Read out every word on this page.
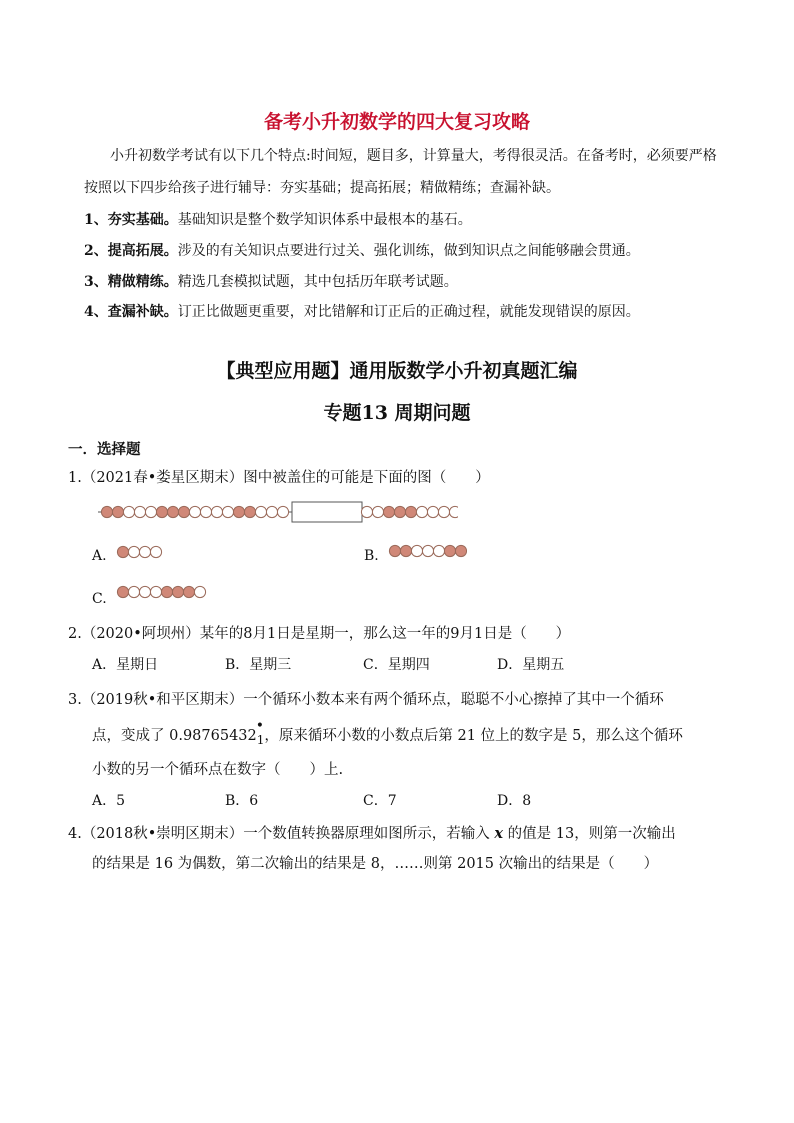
备考小升初数学的四大复习攻略
小升初数学考试有以下几个特点:时间短，题目多，计算量大，考得很灵活。在备考时，必须要严格
按照以下四步给孩子进行辅导：夯实基础；提高拓展；精做精练；查漏补缺。
1、夯实基础。基础知识是整个数学知识体系中最根本的基石。
2、提高拓展。涉及的有关知识点要进行过关、强化训练，做到知识点之间能够融会贯通。
3、精做精练。精选几套模拟试题，其中包括历年联考试题。
4、查漏补缺。订正比做题更重要，对比错解和订正后的正确过程，就能发现错误的原因。
【典型应用题】通用版数学小升初真题汇编
专题13 周期问题
一．选择题
1.（2021春•娄星区期末）图中被盖住的可能是下面的图（　　）
A.	B.
C.
2.（2020•阿坝州）某年的8月1日是星期一，那么这一年的9月1日是（　　）
A．星期日	B．星期三	C．星期四	D．星期五
3.（2019秋•和平区期末）一个循环小数本来有两个循环点，聪聪不小心擦掉了其中一个循环
点，变成了 0.98765432
•
$_1$，原来循环小数的小数点后第 21 位上的数字是 5，那么这个循环
小数的另一个循环点在数字（　　）上.
A．5	B．6	C．7	D．8
4.（2018秋•崇明区期末）一个数值转换器原理如图所示，若输入 x 的值是 13，则第一次输出
的结果是 16 为偶数，第二次输出的结果是 8，……则第 2015 次输出的结果是（　　）
